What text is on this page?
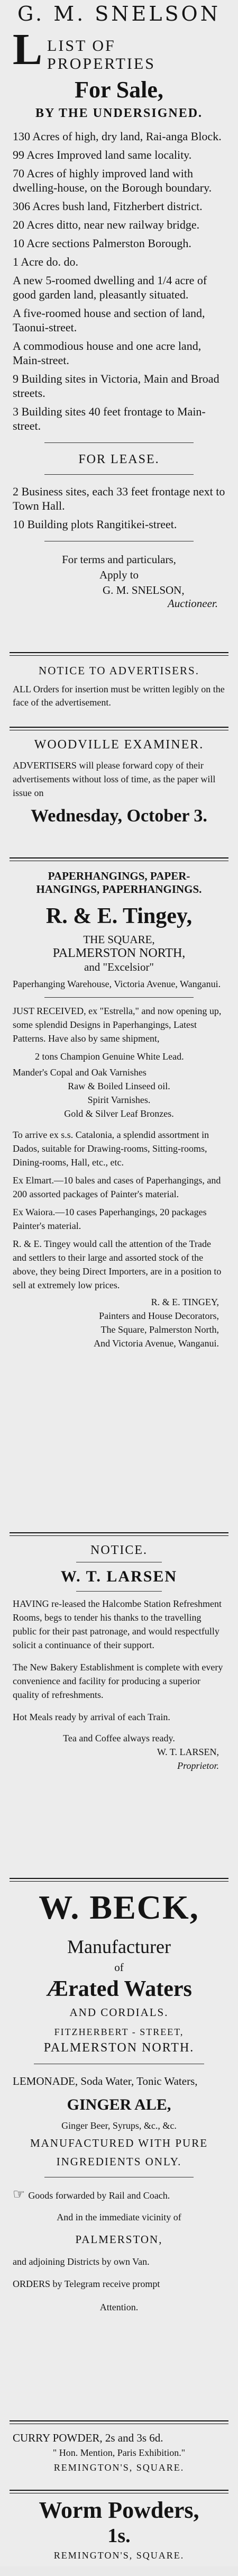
G. M. SNELSON
L LIST OF PROPERTIES

For Sale,

BY THE UNDERSIGNED.

130 Acres of high, dry land, Rai-anga Block.

99 Acres Improved land same locality.

70 Acres of highly improved land with dwelling-house, on the Borough boundary.

306 Acres bush land, Fitzherbert district.

20 Acres ditto, near new railway bridge.

10 Acre sections Palmerston Borough.

1 Acre do. do.

A new 5-roomed dwelling and 1/4 acre of good garden land, pleasantly situated.

A five-roomed house and section of land, Taonui-street.

A commodious house and one acre land, Main-street.

9 Building sites in Victoria, Main and Broad streets.

3 Building sites 40 feet frontage to Main-street.

FOR LEASE.

2 Business sites, each 33 feet frontage next to Town Hall.

10 Building plots Rangitikei-street.

For terms and particulars,

Apply to

G. M. SNELSON,

Auctioneer.

NOTICE TO ADVERTISERS.

ALL Orders for insertion must be written legibly on the face of the advertisement.

WOODVILLE EXAMINER.

ADVERTISERS will please forward copy of their advertisements without loss of time, as the paper will issue on

Wednesday, October 3.

PAPERHANGINGS, PAPER-

HANGINGS, PAPERHANGINGS.

R. & E. Tingey,

THE SQUARE,

PALMERSTON NORTH,

and "Excelsior"

Paperhanging Warehouse, Victoria Avenue, Wanganui.

JUST RECEIVED, ex "Estrella," and now opening up, some splendid Designs in Paperhangings, Latest Patterns. Have also by same shipment,

2 tons Champion Genuine White Lead.

Mander's Copal and Oak Varnishes

Raw & Boiled Linseed oil.

Spirit Varnishes.

Gold & Silver Leaf Bronzes.

To arrive ex s.s. Catalonia, a splendid assortment in Dados, suitable for Drawing-rooms, Sitting-rooms, Dining-rooms, Hall, etc., etc.

Ex Elmart.—10 bales and cases of Paperhangings, and 200 assorted packages of Painter's material.

Ex Waiora.—10 cases Paperhangings, 20 packages Painter's material.

R. & E. Tingey would call the attention of the Trade and settlers to their large and assorted stock of the above, they being Direct Importers, are in a position to sell at extremely low prices.

R. & E. TINGEY,

Painters and House Decorators,

The Square, Palmerston North,

And Victoria Avenue, Wanganui.

NOTICE.

W. T. LARSEN

HAVING re-leased the Halcombe Station Refreshment Rooms, begs to tender his thanks to the travelling public for their past patronage, and would respectfully solicit a continuance of their support.

The New Bakery Establishment is complete with every convenience and facility for producing a superior quality of refreshments.

Hot Meals ready by arrival of each Train.

Tea and Coffee always ready.

W. T. LARSEN,

Proprietor.

W. BECK,

Manufacturer

of

Ærated Waters

AND CORDIALS.

FITZHERBERT - STREET,

PALMERSTON NORTH.

LEMONADE, Soda Water, Tonic Waters,

GINGER ALE,

Ginger Beer, Syrups, &c., &c.

MANUFACTURED WITH PURE

INGREDIENTS ONLY.

☞ Goods forwarded by Rail and Coach.

And in the immediate vicinity of

PALMERSTON,

and adjoining Districts by own Van.

ORDERS by Telegram receive prompt

Attention.

CURRY POWDER, 2s and 3s 6d.

" Hon. Mention, Paris Exhibition."

REMINGTON'S, SQUARE.

Worm Powders,

1s.

REMINGTON'S, SQUARE.
